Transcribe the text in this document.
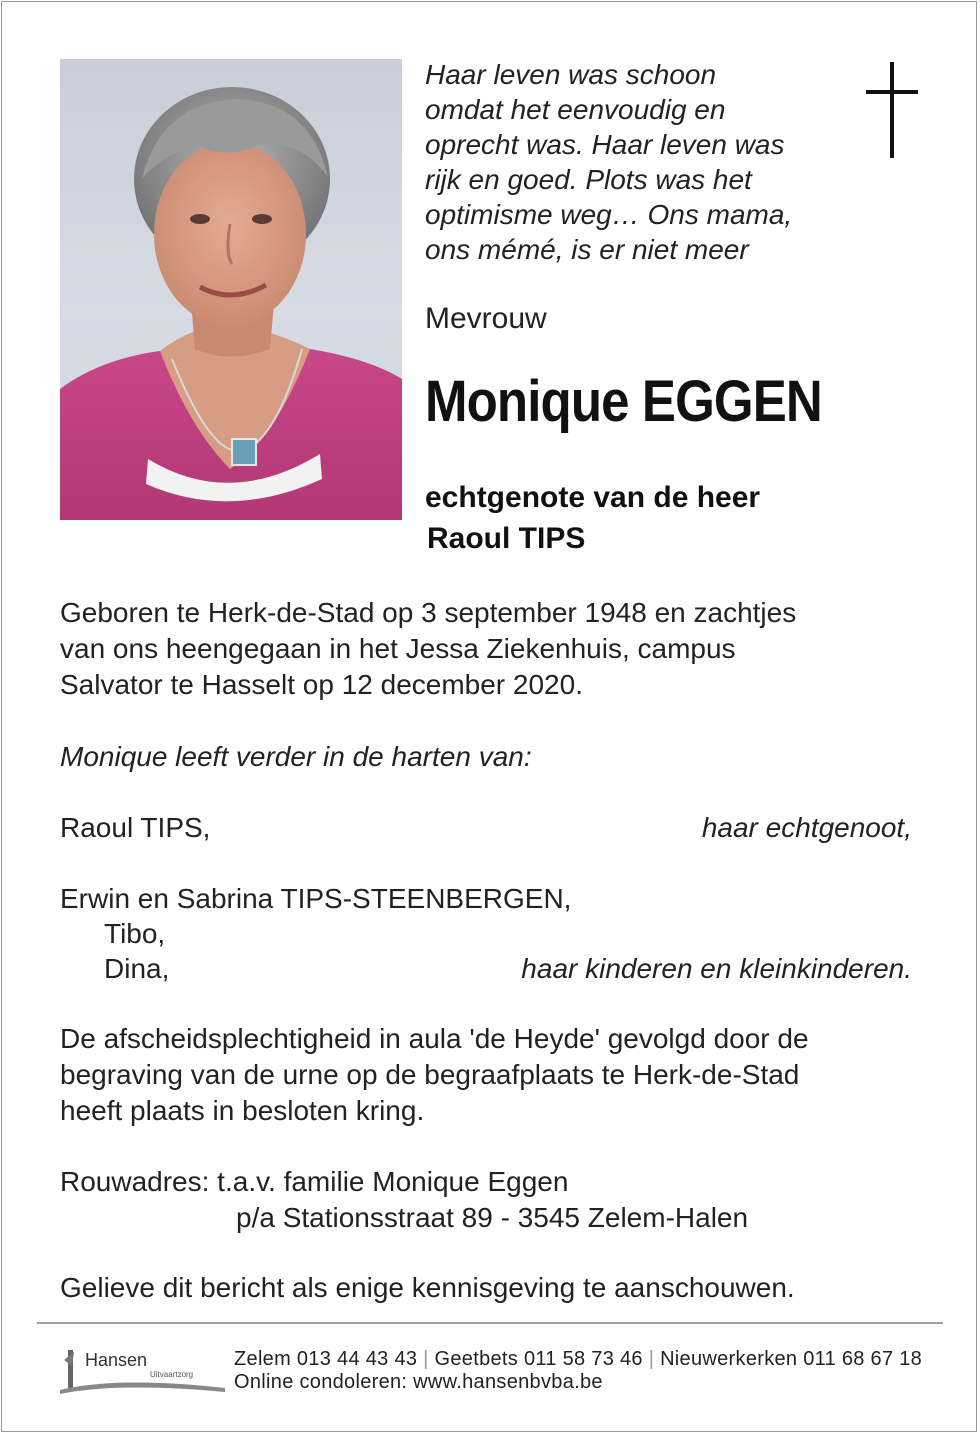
Haar leven was schoon
omdat het eenvoudig en
oprecht was. Haar leven was
rijk en goed. Plots was het
optimisme weg… Ons mama,
ons mémé, is er niet meer
Mevrouw
Monique EGGEN
echtgenote van de heer
Raoul TIPS
Geboren te Herk-de-Stad op 3 september 1948 en zachtjes
van ons heengegaan in het Jessa Ziekenhuis, campus
Salvator te Hasselt op 12 december 2020.
Monique leeft verder in de harten van:
Raoul TIPS,	haar echtgenoot,
Erwin en Sabrina TIPS-STEENBERGEN,
Tibo,
Dina,	haar kinderen en kleinkinderen.
De afscheidsplechtigheid in aula 'de Heyde' gevolgd door de
begraving van de urne op de begraafplaats te Herk-de-Stad
heeft plaats in besloten kring.
Rouwadres: t.a.v. familie Monique Eggen
p/a Stationsstraat 89 - 3545 Zelem-Halen
Gelieve dit bericht als enige kennisgeving te aanschouwen.
Hansen
Uitvaartzorg
Zelem 013 44 43 43 | Geetbets 011 58 73 46 | Nieuwerkerken 011 68 67 18
Online condoleren: www.hansenbvba.be
